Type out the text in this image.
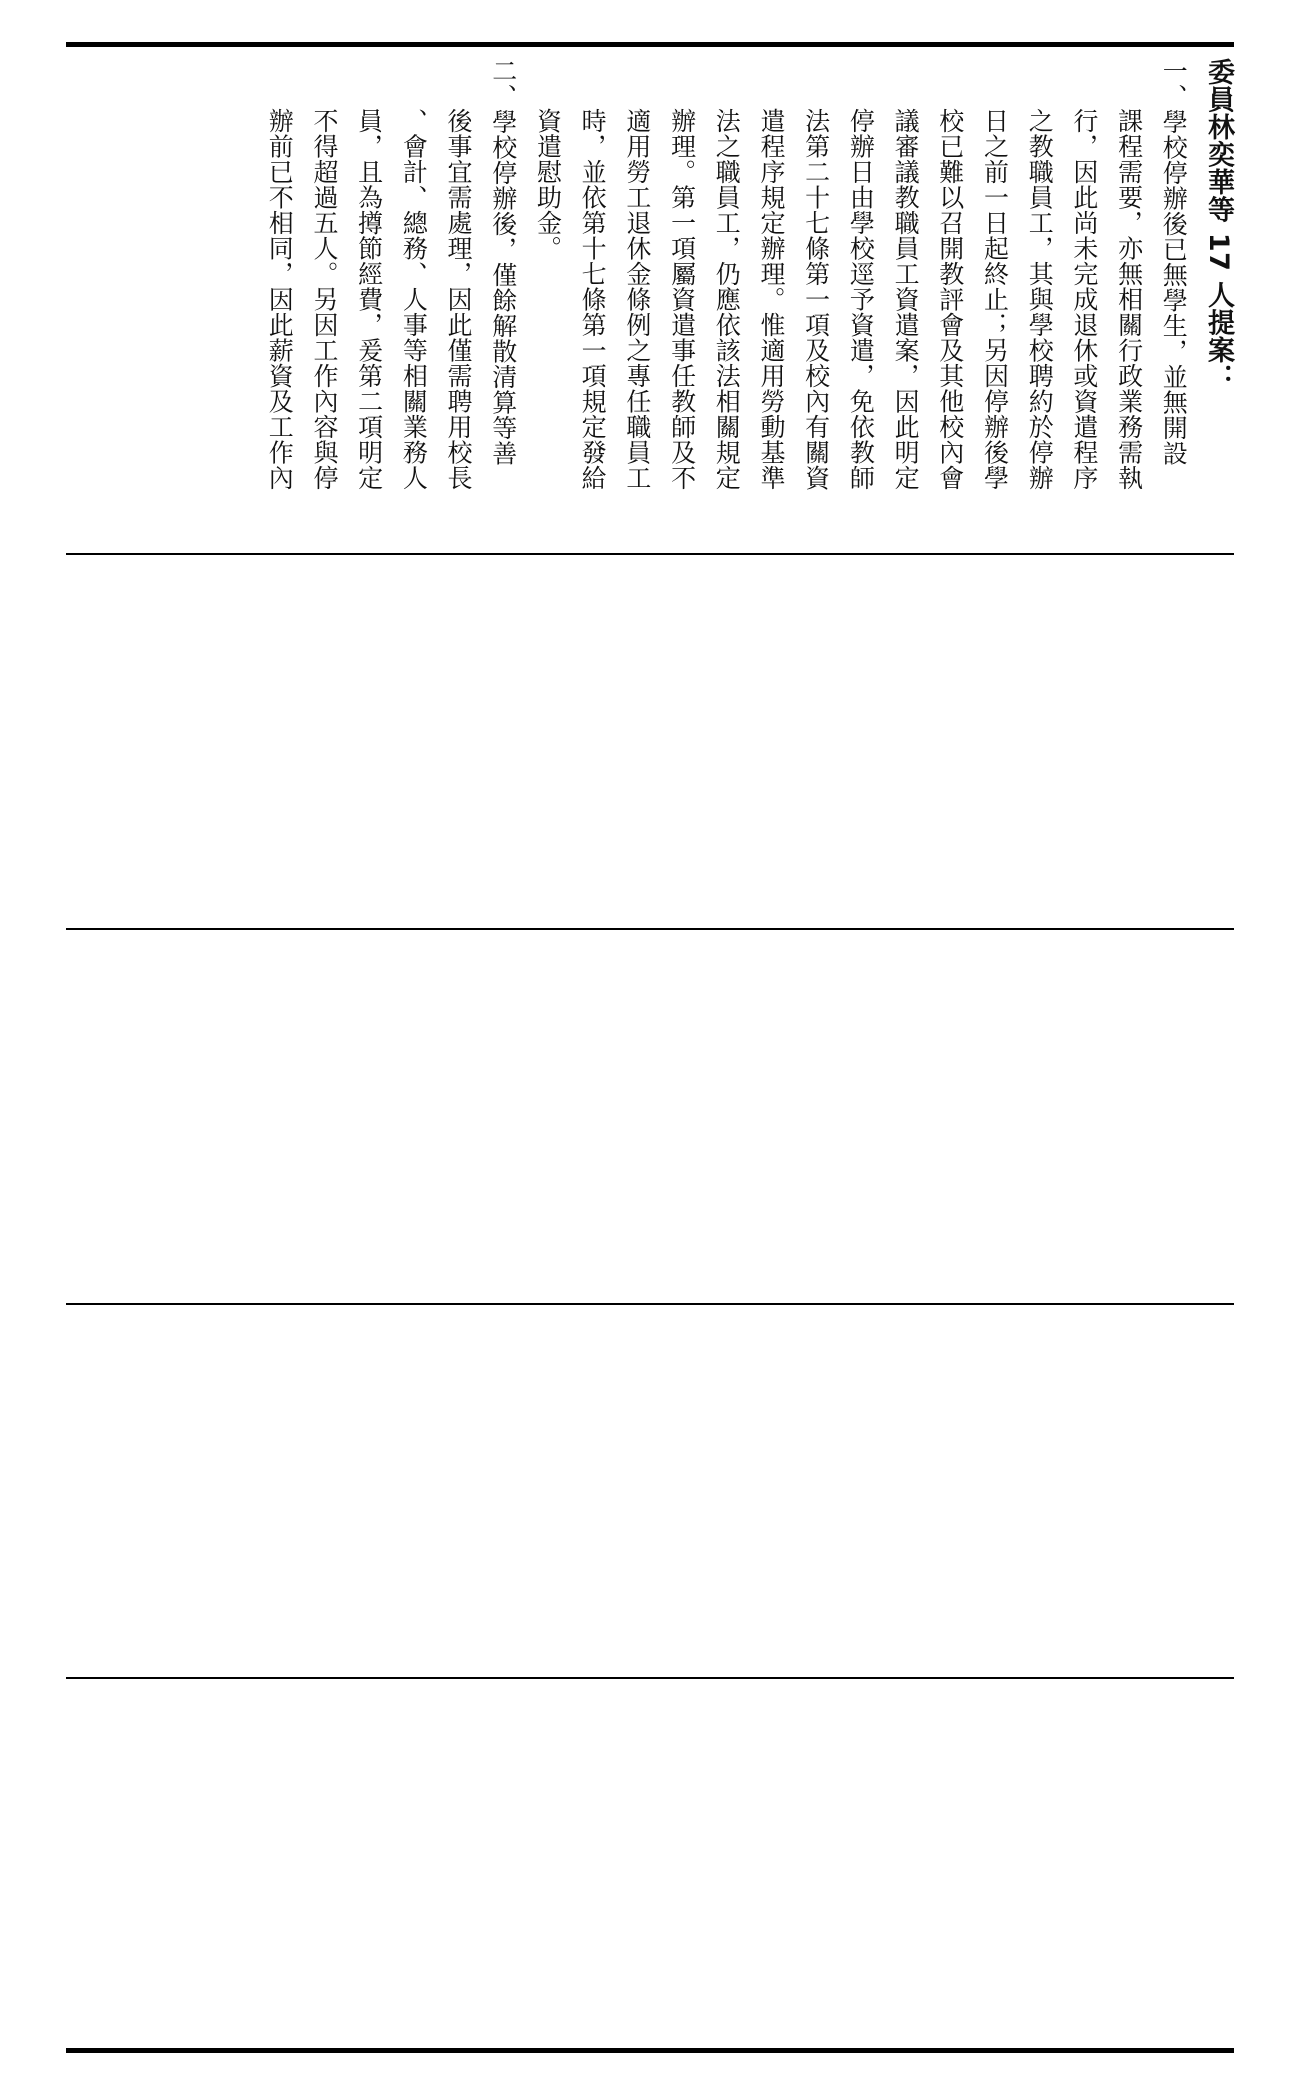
委員林奕華等 17 人提案：
一、學校停辦後已無學生，並無開設
課程需要，亦無相關行政業務需執
行，因此尚未完成退休或資遣程序
之教職員工，其與學校聘約於停辦
日之前一日起終止；另因停辦後學
校已難以召開教評會及其他校內會
議審議教職員工資遣案，因此明定
停辦日由學校逕予資遣，免依教師
法第二十七條第一項及校內有關資
遣程序規定辦理。惟適用勞動基準
法之職員工，仍應依該法相關規定
辦理。第一項屬資遣事任教師及不
適用勞工退休金條例之專任職員工
時，並依第十七條第一項規定發給
資遣慰助金。
二、學校停辦後，僅餘解散清算等善
後事宜需處理，因此僅需聘用校長
、會計、總務、人事等相關業務人
員，且為撙節經費，爰第二項明定
不得超過五人。另因工作內容與停
辦前已不相同，因此薪資及工作內
